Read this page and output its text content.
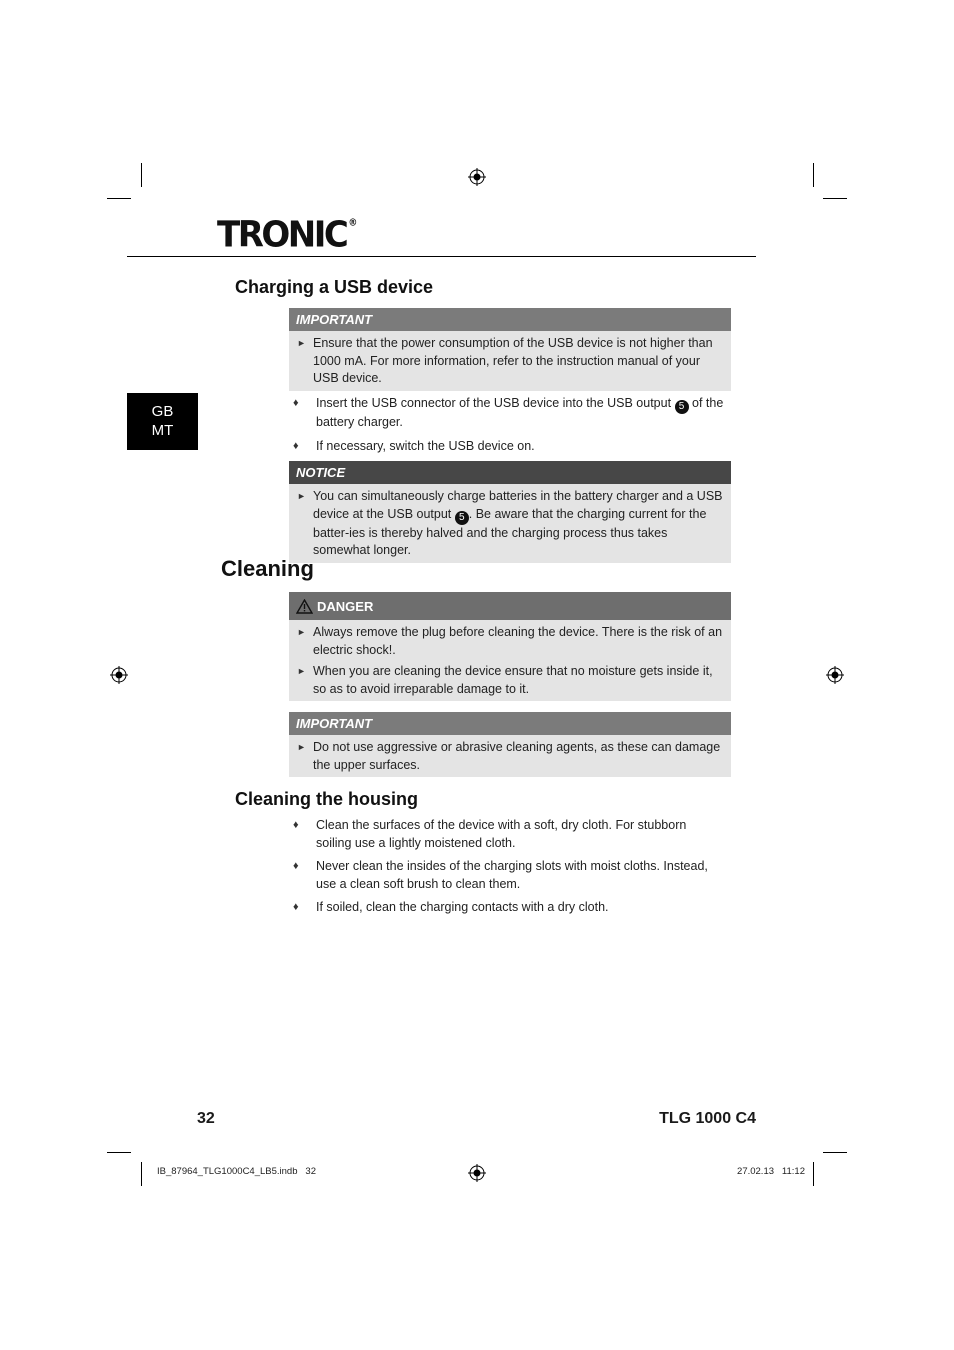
TRONIC ®
GB
MT
Charging a USB device
IMPORTANT
► Ensure that the power consumption of the USB device is not higher than 1000 mA. For more information, refer to the instruction manual of your USB device.
♦	Insert the USB connector of the USB device into the USB output 5 of the battery charger.
♦	If necessary, switch the USB device on.
NOTICE
► You can simultaneously charge batteries in the battery charger and a USB device at the USB output 5 . Be aware that the charging current for the batter-ies is thereby halved and the charging process thus takes somewhat longer.
Cleaning
DANGER
► Always remove the plug before cleaning the device. There is the risk of an electric shock!.
► When you are cleaning the device ensure that no moisture gets inside it, so as to avoid irreparable damage to it.
IMPORTANT
► Do not use aggressive or abrasive cleaning agents, as these can damage the upper surfaces.
Cleaning the housing
♦	Clean the surfaces of the device with a soft, dry cloth. For stubborn soiling use a lightly moistened cloth.
♦	Never clean the insides of the charging slots with moist cloths. Instead, use a clean soft brush to clean them.
♦	If soiled, clean the charging contacts with a dry cloth.
32	TLG 1000 C4
IB_87964_TLG1000C4_LB5.indb   32	27.02.13   11:12
